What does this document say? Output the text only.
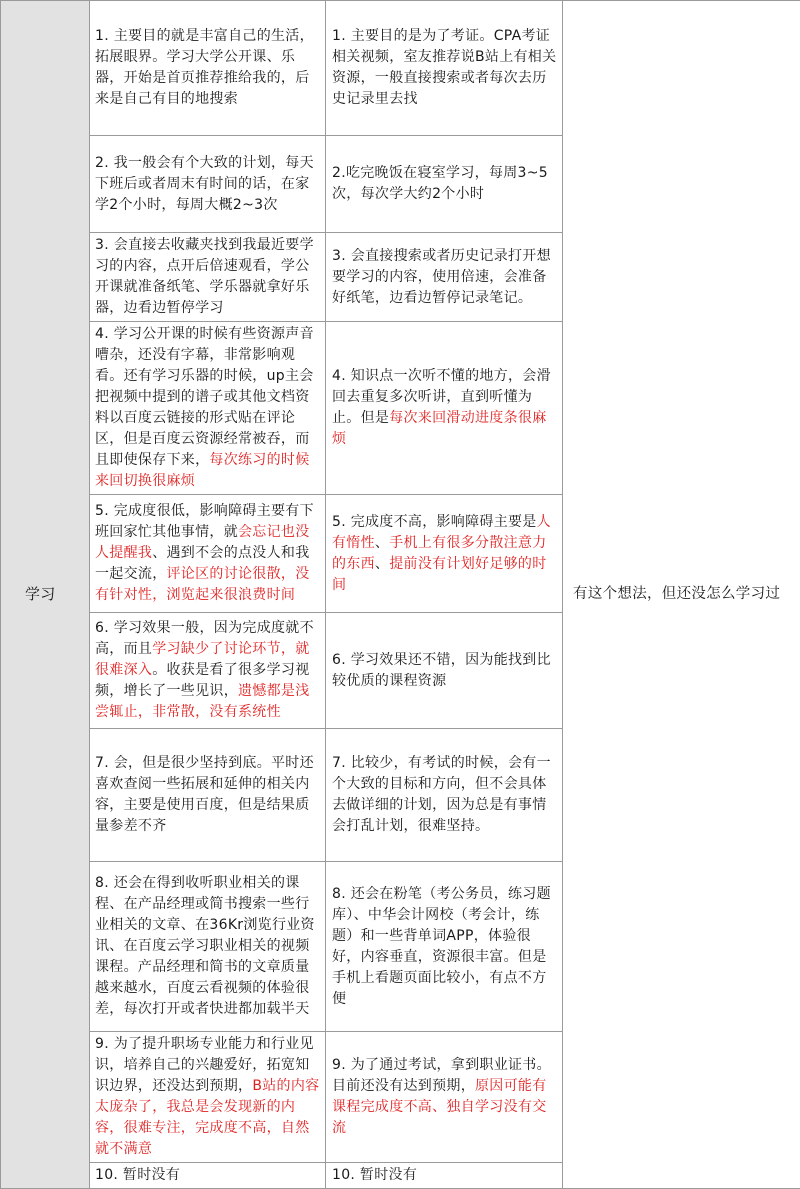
学习	1. 主要目的就是丰富自己的生活，拓展眼界。学习大学公开课、乐器，开始是首页推荐推给我的，后来是自己有目的地搜索	1. 主要目的是为了考证。CPA考证相关视频，室友推荐说B站上有相关资源，一般直接搜索或者每次去历史记录里去找	有这个想法，但还没怎么学习过
	2. 我一般会有个大致的计划，每天下班后或者周末有时间的话，在家学2个小时，每周大概2~3次	2.吃完晚饭在寝室学习，每周3~5次，每次学大约2个小时	
	3. 会直接去收藏夹找到我最近要学习的内容，点开后倍速观看，学公开课就准备纸笔、学乐器就拿好乐器，边看边暂停学习	3. 会直接搜索或者历史记录打开想要学习的内容，使用倍速，会准备好纸笔，边看边暂停记录笔记。	
	4. 学习公开课的时候有些资源声音嘈杂，还没有字幕，非常影响观看。还有学习乐器的时候，up主会把视频中提到的谱子或其他文档资料以百度云链接的形式贴在评论区，但是百度云资源经常被吞，而且即使保存下来，每次练习的时候来回切换很麻烦	4. 知识点一次听不懂的地方，会滑回去重复多次听讲，直到听懂为止。但是每次来回滑动进度条很麻烦	
	5. 完成度很低，影响障碍主要有下班回家忙其他事情，就会忘记也没人提醒我、遇到不会的点没人和我一起交流，评论区的讨论很散，没有针对性，浏览起来很浪费时间	5. 完成度不高，影响障碍主要是人有惰性、手机上有很多分散注意力的东西、提前没有计划好足够的时间	
	6. 学习效果一般，因为完成度就不高，而且学习缺少了讨论环节，就很难深入。收获是看了很多学习视频，增长了一些见识，遗憾都是浅尝辄止，非常散，没有系统性	6. 学习效果还不错，因为能找到比较优质的课程资源	
	7. 会，但是很少坚持到底。平时还喜欢查阅一些拓展和延伸的相关内容，主要是使用百度，但是结果质量参差不齐	7. 比较少，有考试的时候，会有一个大致的目标和方向，但不会具体去做详细的计划，因为总是有事情会打乱计划，很难坚持。	
	8. 还会在得到收听职业相关的课程、在产品经理或简书搜索一些行业相关的文章、在36Kr浏览行业资讯、在百度云学习职业相关的视频课程。产品经理和简书的文章质量越来越水，百度云看视频的体验很差，每次打开或者快进都加载半天	8. 还会在粉笔（考公务员，练习题库）、中华会计网校（考会计，练题）和一些背单词APP，体验很好，内容垂直，资源很丰富。但是手机上看题页面比较小，有点不方便	
	9. 为了提升职场专业能力和行业见识，培养自己的兴趣爱好，拓宽知识边界，还没达到预期，B站的内容太庞杂了，我总是会发现新的内容，很难专注，完成度不高，自然就不满意	9. 为了通过考试，拿到职业证书。目前还没有达到预期，原因可能有课程完成度不高、独自学习没有交流	
	10. 暂时没有	10. 暂时没有	
